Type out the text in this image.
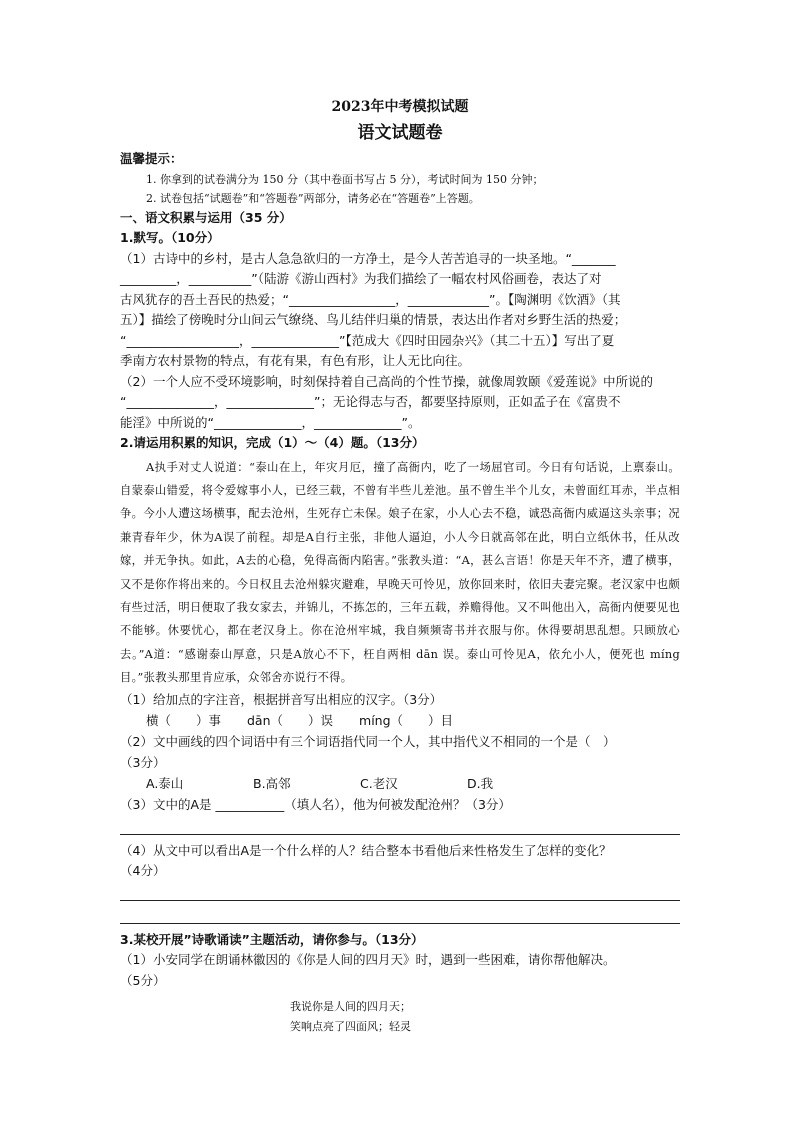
2023年中考模拟试题

语文试题卷

温馨提示：

1. 你拿到的试卷满分为 150 分（其中卷面书写占 5 分），考试时间为 150 分钟；

2. 试卷包括“试题卷”和“答题卷”两部分，请务必在“答题卷”上答题。

一、语文积累与运用（35 分）

1.默写。（10分）

（1）古诗中的乡村，是古人急急欲归的一方净土，是今人苦苦追寻的一块圣地。“_______

_________，__________”（陆游《游山西村》为我们描绘了一幅农村风俗画卷，表达了对

古风犹存的吾土吾民的热爱；“_________________，_____________”。【陶渊明《饮酒》（其

五）】描绘了傍晚时分山间云气缭绕、鸟儿结伴归巢的情景，表达出作者对乡野生活的热爱；

“__________________，______________”【范成大《四时田园杂兴》（其二十五）】写出了夏

季南方农村景物的特点，有花有果，有色有形，让人无比向往。

（2）一个人应不受环境影响，时刻保持着自己高尚的个性节操，就像周敦颐《爱莲说》中所说的

“______________，______________”；无论得志与否，都要坚持原则，正如孟子在《富贵不

能淫》中所说的“______________，______________”。

2.请运用积累的知识，完成（1）～（4）题。（13分）

A执手对丈人说道：“泰山在上，年灾月厄，撞了高衙内，吃了一场屈官司。今日有句话说，上禀泰山。自蒙泰山错爱，将令爱嫁事小人，已经三载，不曾有半些儿差池。虽不曾生半个儿女，未曾面红耳赤，半点相争。今小人遭这场横事，配去沧州，生死存亡未保。娘子在家，小人心去不稳，诚恐高衙内威逼这头亲事；况兼青春年少，休为A误了前程。却是A自行主张，非他人逼迫，小人今日就高邻在此，明白立纸休书，任从改嫁，并无争执。如此，A去的心稳，免得高衙内陷害。”张教头道：“A，甚么言语！你是天年不齐，遭了横事，又不是你作将出来的。今日权且去沧州躲灾避难，早晚天可怜见，放你回来时，依旧夫妻完聚。老汉家中也颇有些过活，明日便取了我女家去，并锦儿，不拣怎的，三年五载，养赡得他。又不叫他出入，高衙内便要见也不能够。休要忧心，都在老汉身上。你在沧州牢城，我自频频寄书并衣服与你。休得要胡思乱想。只顾放心去。”A道：“感谢泰山厚意，只是A放心不下，枉自两相 dān 误。泰山可怜见A，依允小人，便死也 míng 目。”张教头那里肯应承，众邻舍亦说行不得。

（1）给加点的字注音，根据拼音写出相应的汉字。（3分）

横（　　）事 dān（　　）误 míng（　　）目

（2）文中画线的四个词语中有三个词语指代同一个人，其中指代义不相同的一个是（　）

（3分）

A.泰山	B.高邻	C.老汉	D.我

（3）文中的A是 ___________（填人名），他为何被发配沧州？（3分）

（4）从文中可以看出A是一个什么样的人？结合整本书看他后来性格发生了怎样的变化？

（4分）

3.某校开展”诗歌诵读”主题活动，请你参与。（13分）

（1）小安同学在朗诵林徽因的《你是人间的四月天》时，遇到一些困难，请你帮他解决。

（5分）

我说你是人间的四月天；
笑响点亮了四面风；轻灵
